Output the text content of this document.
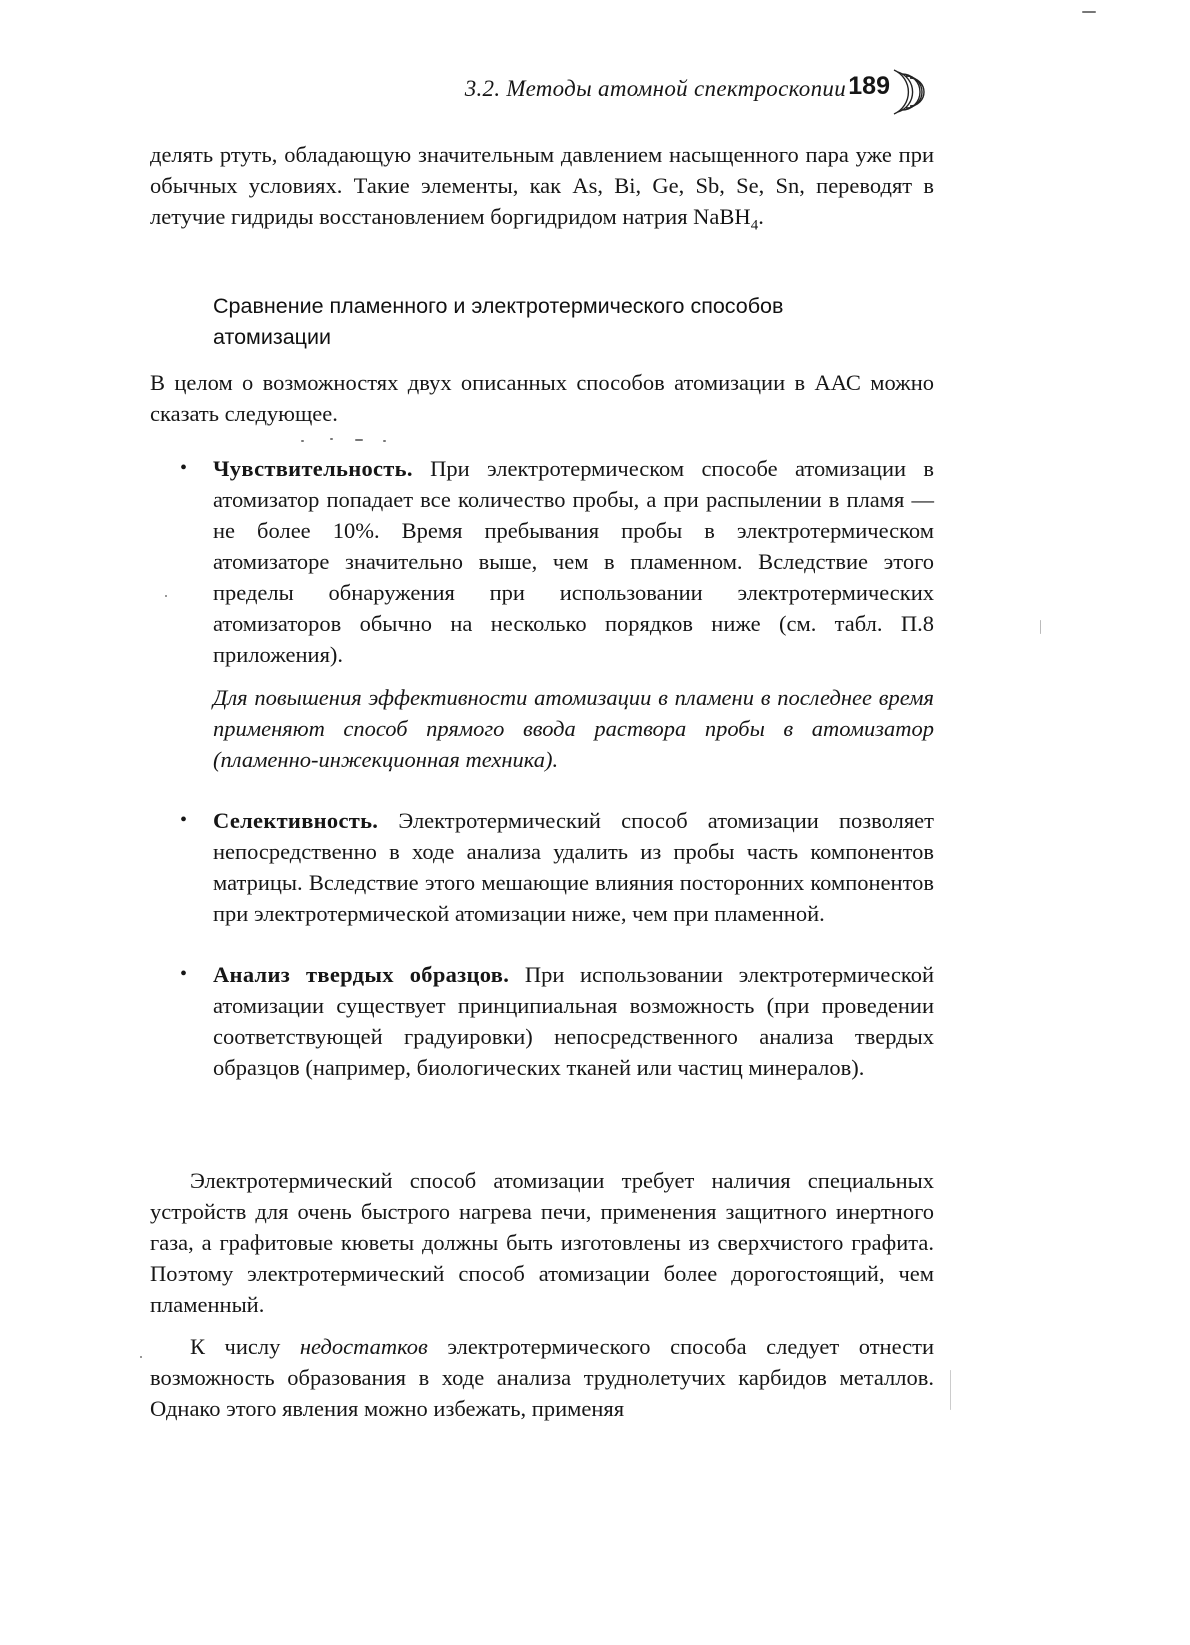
3.2. Методы атомной спектроскопии 189

делять ртуть, обладающую значительным давлением насыщенного пара уже при обычных условиях. Такие элементы, как As, Bi, Ge, Sb, Se, Sn, переводят в летучие гидриды восстановлением боргидридом натрия NaBH$_4$.

Сравнение пламенного и электротермического способов атомизации

В целом о возможностях двух описанных способов атомизации в ААС можно сказать следующее.

• Чувствительность. При электротермическом способе атомизации в атомизатор попадает все количество пробы, а при распылении в пламя — не более 10%. Время пребывания пробы в электротермическом атомизаторе значительно выше, чем в пламенном. Вследствие этого пределы обнаружения при использовании электротермических атомизаторов обычно на несколько порядков ниже (см. табл. П.8 приложения).

Для повышения эффективности атомизации в пламени в последнее время применяют способ прямого ввода раствора пробы в атомизатор (пламенно-инжекционная техника).

• Селективность. Электротермический способ атомизации позволяет непосредственно в ходе анализа удалить из пробы часть компонентов матрицы. Вследствие этого мешающие влияния посторонних компонентов при электротермической атомизации ниже, чем при пламенной.

• Анализ твердых образцов. При использовании электротермической атомизации существует принципиальная возможность (при проведении соответствующей градуировки) непосредственного анализа твердых образцов (например, биологических тканей или частиц минералов).

Электротермический способ атомизации требует наличия специальных устройств для очень быстрого нагрева печи, применения защитного инертного газа, а графитовые кюветы должны быть изготовлены из сверхчистого графита. Поэтому электротермический способ атомизации более дорогостоящий, чем пламенный.

К числу недостатков электротермического способа следует отнести возможность образования в ходе анализа труднолетучих карбидов металлов. Однако этого явления можно избежать, применяя
